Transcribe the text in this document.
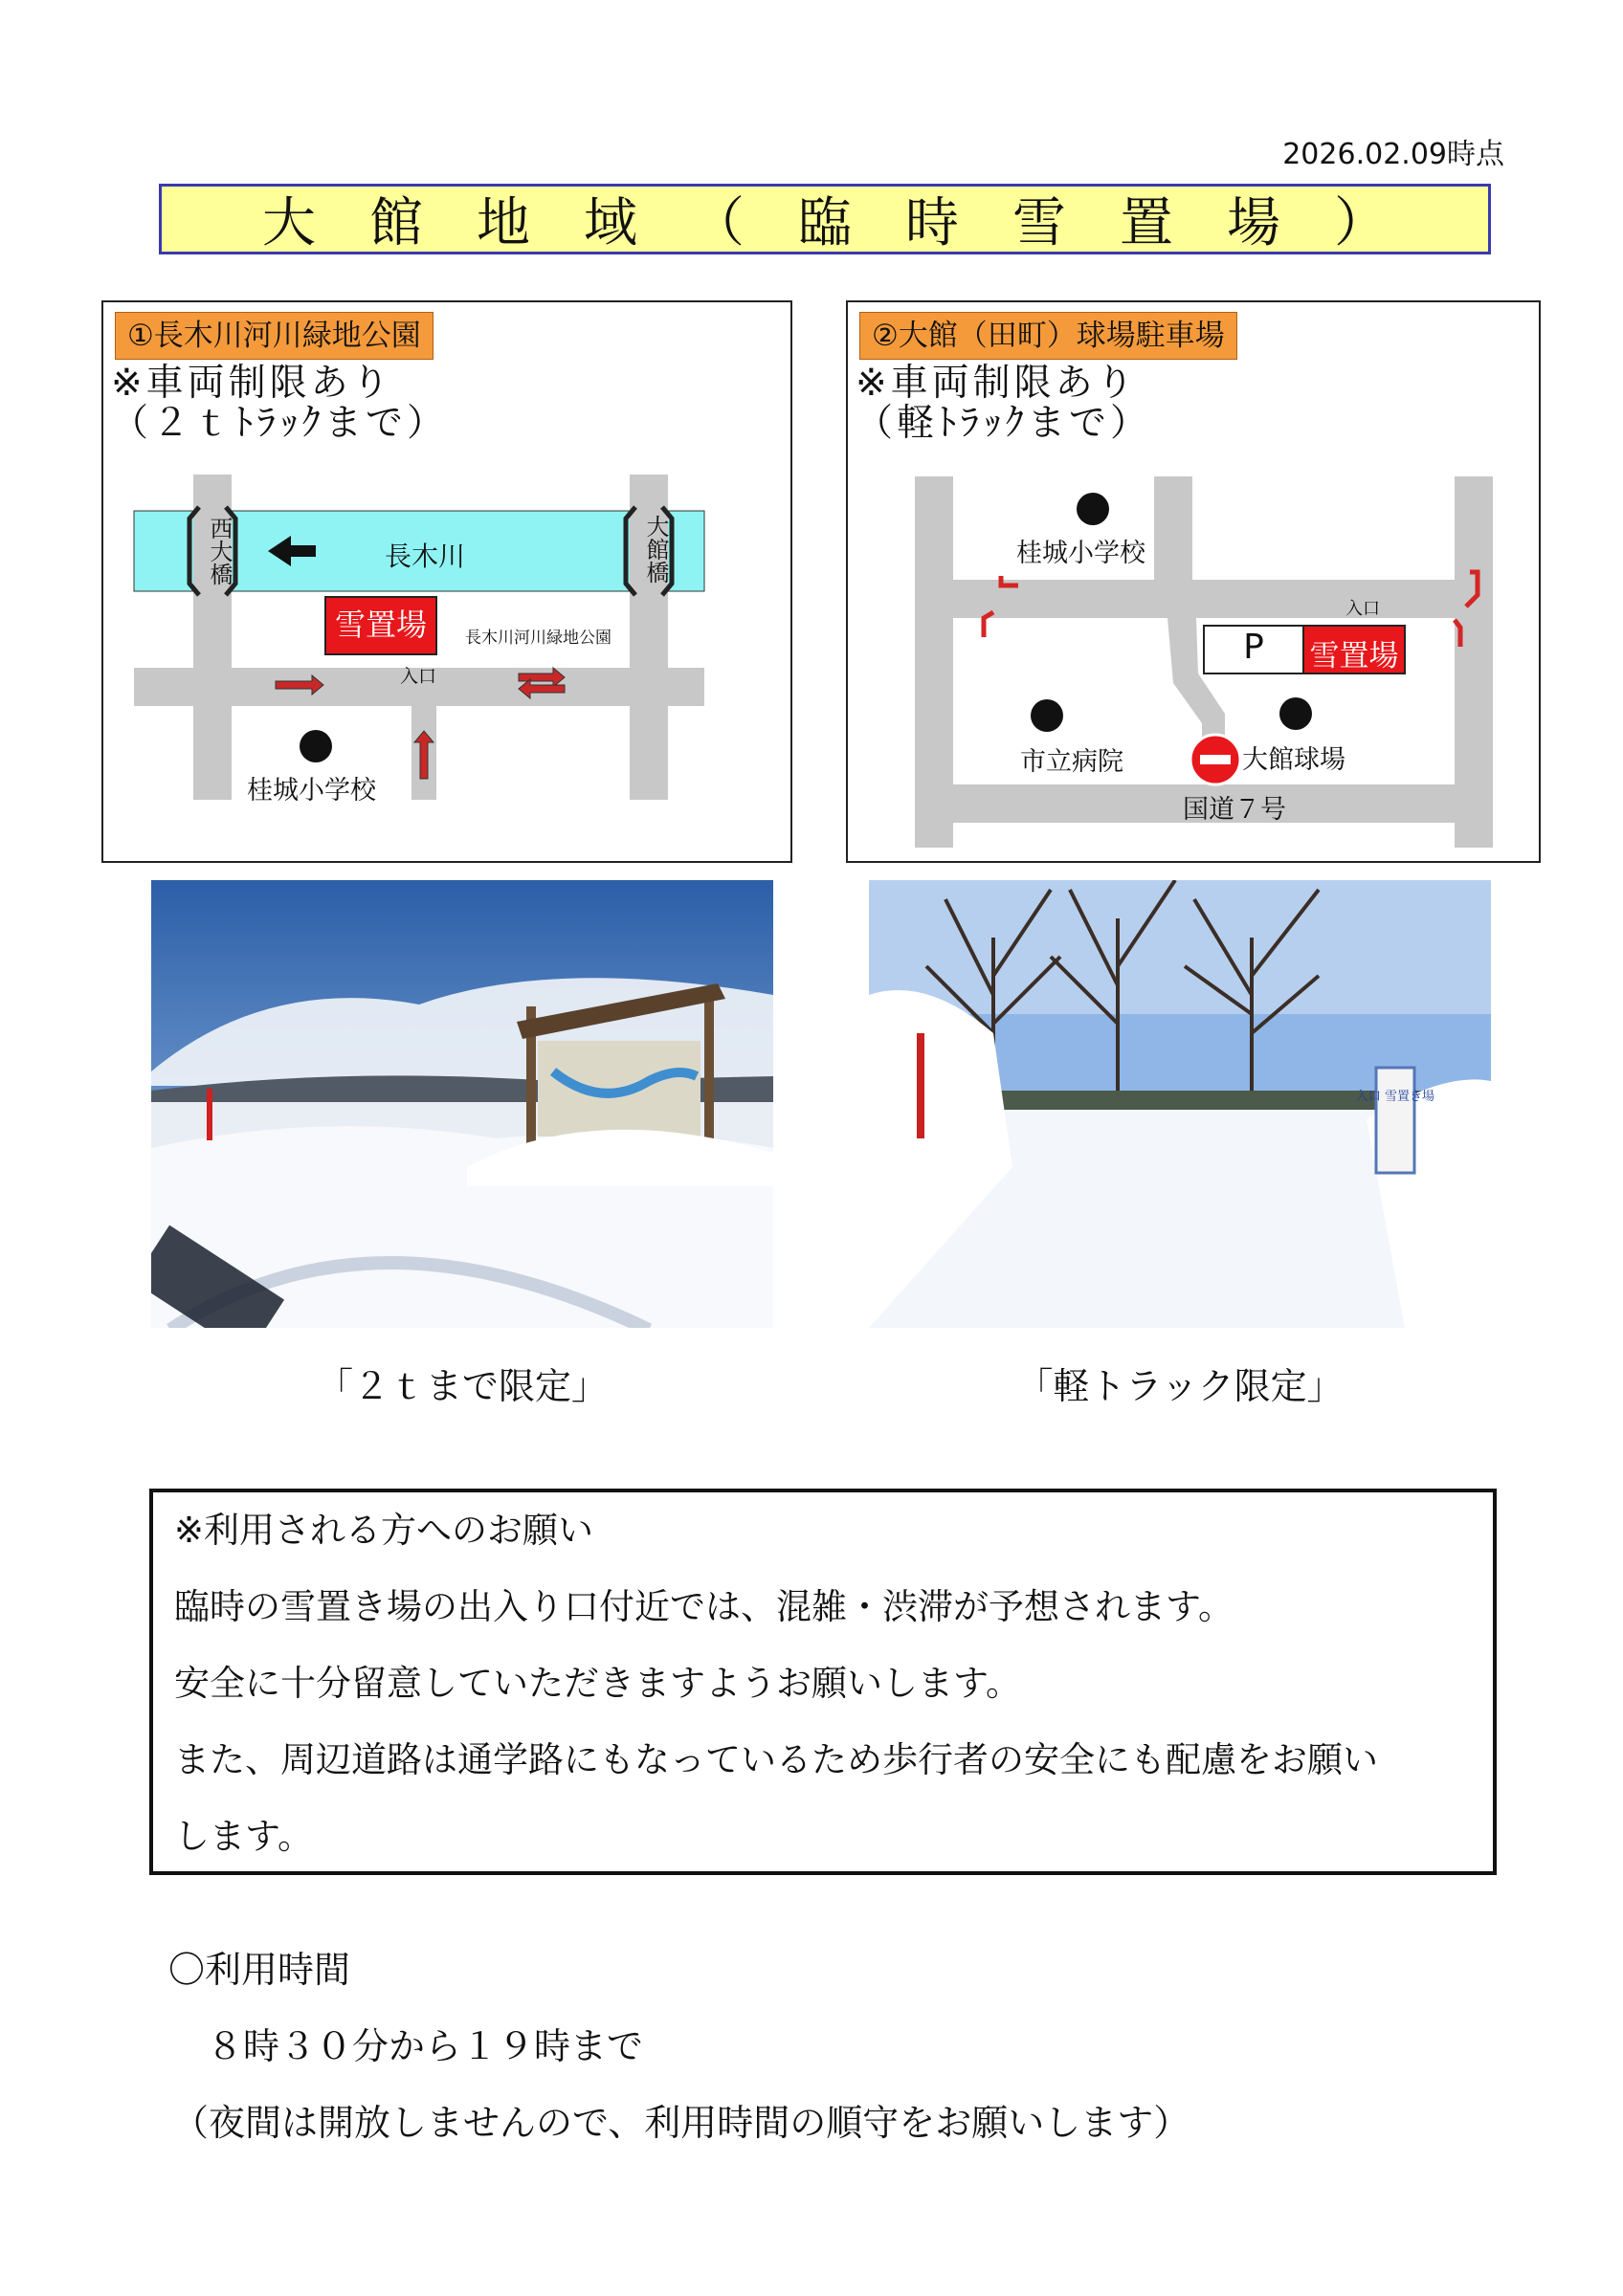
2026.02.09時点
大館地域（臨時雪置場）
①長木川河川緑地公園
※車両制限あり
（２ｔﾄﾗｯｸまで）
西大橋	大館橋
長木川
雪置場	長木川河川緑地公園
入口
桂城小学校
②大館（田町）球場駐車場
※車両制限あり
（軽ﾄﾗｯｸまで）
桂城小学校
入口
P	雪置場
市立病院	大館球場
国道７号
入口 雪置き場
「２ｔまで限定」	「軽トラック限定」
※利用される方へのお願い
臨時の雪置き場の出入り口付近では、混雑・渋滞が予想されます。
安全に十分留意していただきますようお願いします。
また、周辺道路は通学路にもなっているため歩行者の安全にも配慮をお願い
します。
〇利用時間
８時３０分から１９時まで
（夜間は開放しませんので、利用時間の順守をお願いします）
